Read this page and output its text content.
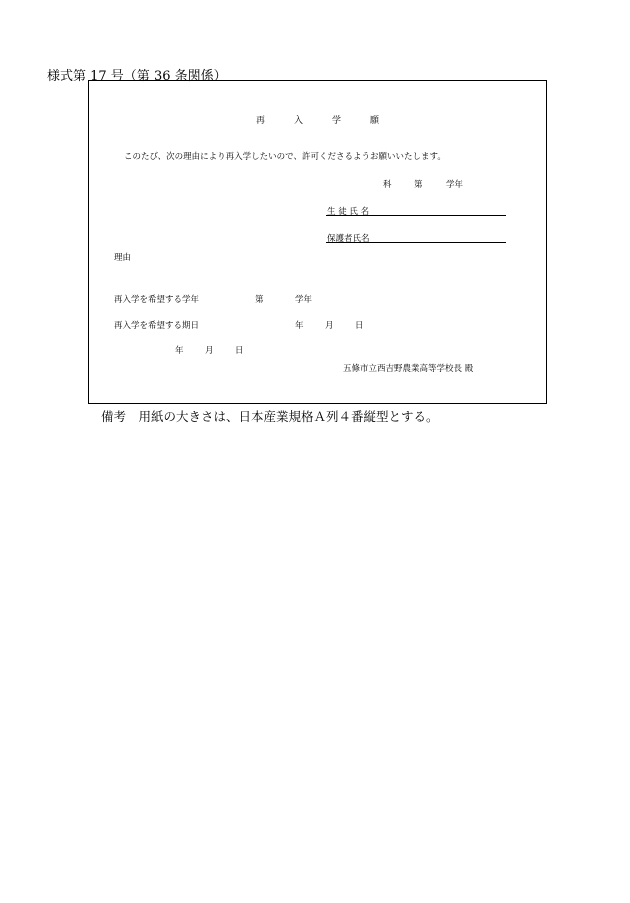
様式第 17 号（第 36 条関係）
再	入	学	願
このたび、次の理由により再入学したいので、許可くださるようお願いいたします。
科	第	学年
生 徒 氏 名
保護者氏名
理由
再入学を希望する学年	第	学年
再入学を希望する期日	年	月	日
年	月	日
五條市立西吉野農業高等学校長 殿
備考　用紙の大きさは、日本産業規格Ａ列４番縦型とする。
